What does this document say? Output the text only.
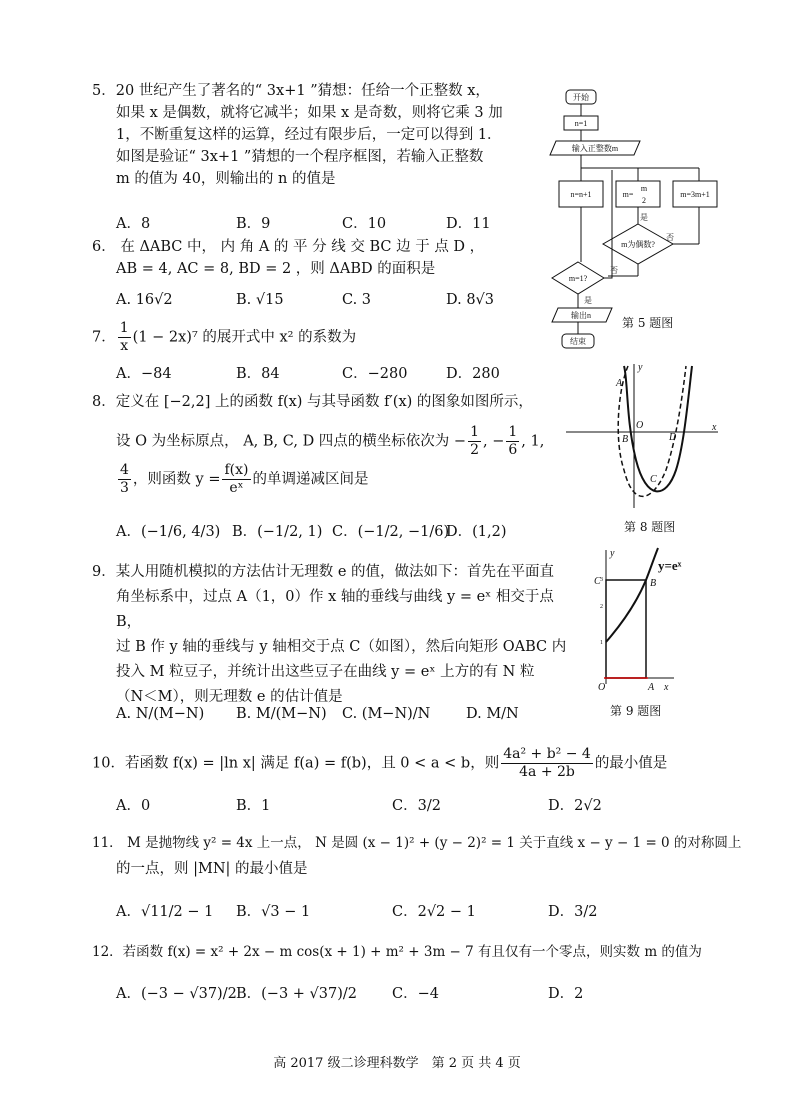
5．20 世纪产生了著名的“ 3x+1 ”猜想：任给一个正整数 x，
如果 x 是偶数，就将它减半；如果 x 是奇数，则将它乘 3 加
1，不断重复这样的运算，经过有限步后，一定可以得到 1．
如图是验证“ 3x+1 ”猜想的一个程序框图，若输入正整数
m 的值为 40，则输出的 n 的值是
A．8	B．9	C．10	D．11
开始
n=1
输入正整数m
n=n+1	m=
m
2
m=3m+1
m为偶数?
是
否
m=1?
否
是
输出n
结束
第 5 题图
6． 在 ΔABC 中， 内 角 A 的 平 分 线 交 BC 边 于 点 D ，
AB = 4, AC = 8, BD = 2 ，则 ΔABD 的面积是
A. 16√2	B. √15	C. 3	D. 8√3
7． $\frac{1}{x} (1 - 2x)^7$ 的展开式中 x² 的系数为
A．−84	B．84	C．−280	D．280
8．定义在 [−2,2] 上的函数 f(x) 与其导函数 f′(x) 的图象如图所示，
设 O 为坐标原点， A, B, C, D 四点的横坐标依次为 − $\frac{1}{2}$ , − $\frac{1}{6}$ , 1,
$\frac{4}{3}$ ，则函数 $y = \frac{f(x)}{\text{eˣ}}$ 的单调递减区间是
A．(−1/6, 4/3) B．(−1/2, 1) C．(−1/2, −1/6)
D．(1,2)
y
x
A
B
O
C
D
第 8 题图
9．某人用随机模拟的方法估计无理数 e 的值，做法如下：首先在平面直
角坐标系中，过点 A（1，0）作 x 轴的垂线与曲线 y = eˣ 相交于点 B，
过 B 作 y 轴的垂线与 y 轴相交于点 C（如图），然后向矩形 OABC 内
投入 M 粒豆子，并统计出这些豆子在曲线 y = eˣ 上方的有 N 粒
（N＜M），则无理数 e 的估计值是
A. N/(M−N) B. M/(M−N) C. (M−N)/N D. M/N
y
y=eˣ
C	B
O	A x
3
2
1
第 9 题图
10．若函数 f(x) = |ln x| 满足 f(a) = f(b)，且 0 < a < b，则 $\frac{\text{4a² + b² − 4}}{4a + 2b}$ 的最小值是
A．0	B．1	C．3/2	D．2√2
11． M 是抛物线 y² = 4x 上一点， N 是圆 (x − 1)² + (y − 2)² = 1 关于直线 x − y − 1 = 0 的对称圆上
的一点，则 |MN| 的最小值是
A．√11/2 − 1 B．√3 − 1	C．2√2 − 1	D．3/2
12．若函数 f(x) = x² + 2x − m cos(x + 1) + m² + 3m − 7 有且仅有一个零点，则实数 m 的值为
A．(−3 − √37)/2 B．(−3 + √37)/2 C．−4	D．2
高 2017 级二诊理科数学　第 2 页 共 4 页
